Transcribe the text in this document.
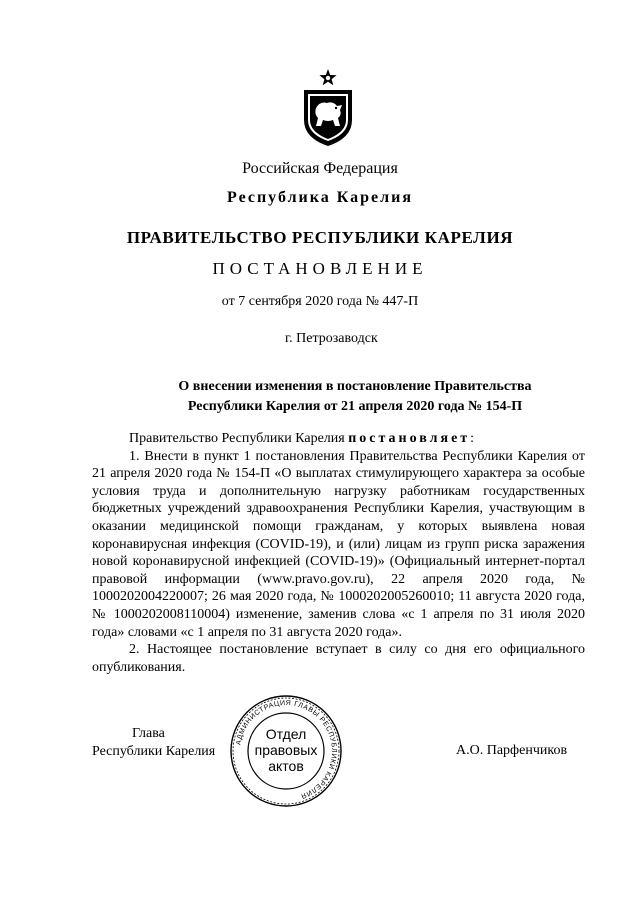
Российская Федерация
Республика Карелия
ПРАВИТЕЛЬСТВО РЕСПУБЛИКИ КАРЕЛИЯ
ПОСТАНОВЛЕНИЕ
от 7 сентября 2020 года № 447-П
г. Петрозаводск
О внесении изменения в постановление Правительства
Республики Карелия от 21 апреля 2020 года № 154-П

Правительство Республики Карелия постановляет:

1. Внести в пункт 1 постановления Правительства Республики Карелия от 21 апреля 2020 года № 154-П «О выплатах стимулирующего характера за особые условия труда и дополнительную нагрузку работникам государственных бюджетных учреждений здравоохранения Республики Карелия, участвующим в оказании медицинской помощи гражданам, у которых выявлена новая коронавирусная инфекция (COVID-19), и (или) лицам из групп риска заражения новой коронавирусной инфекцией (COVID-19)» (Официальный интернет-портал правовой информации (www.pravo.gov.ru), 22 апреля 2020 года, № 1000202004220007; 26 мая 2020 года, № 1000202005260010; 11 августа 2020 года, № 1000202008110004) изменение, заменив слова «с 1 апреля по 31 июля 2020 года» словами «с 1 апреля по 31 августа 2020 года».

2. Настоящее постановление вступает в силу со дня его официального опубликования.

Глава
Республики Карелия
АДМИНИСТРАЦИЯ ГЛАВЫ РЕСПУБЛИКИ КАРЕЛИЯ
Отдел
правовых
актов
А.О. Парфенчиков
